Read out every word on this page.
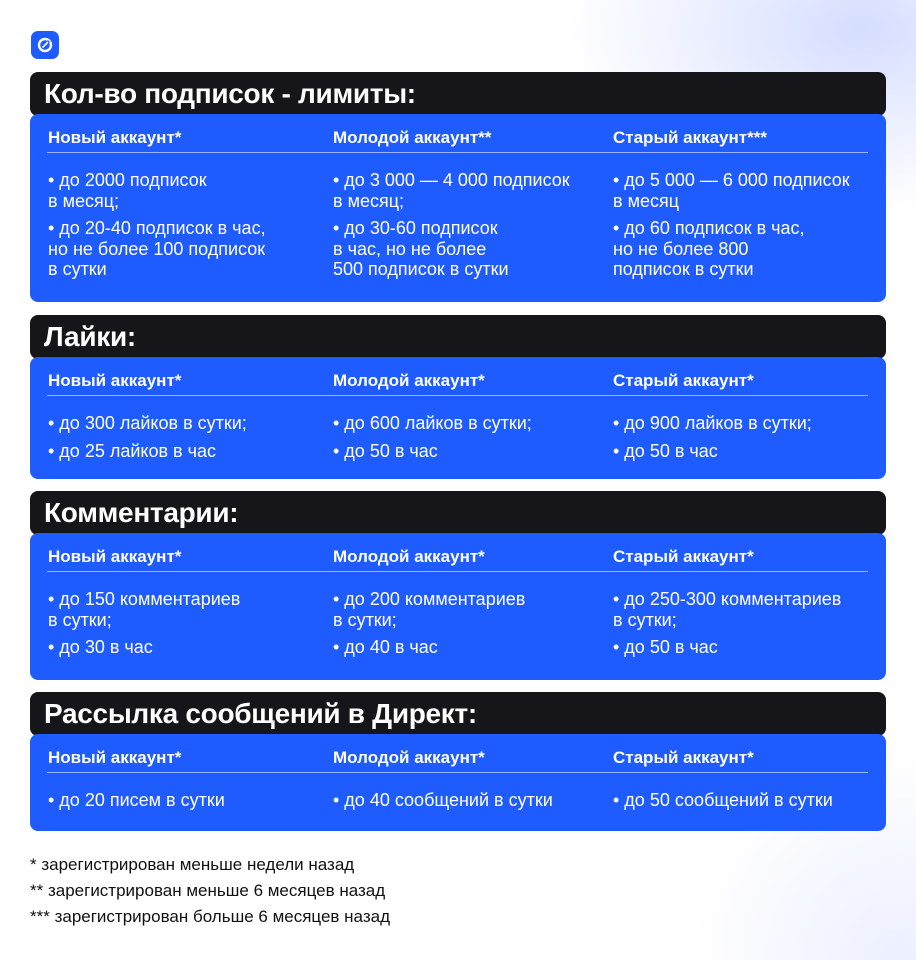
Кол-во подписок - лимиты:
Новый аккаунт*
• до 2000 подписок
в месяц;
• до 20-40 подписок в час,
но не более 100 подписок
в сутки
Молодой аккаунт**
• до 3 000 — 4 000 подписок
в месяц;
• до 30-60 подписок
в час, но не более
500 подписок в сутки
Старый аккаунт***
• до 5 000 — 6 000 подписок
в месяц
• до 60 подписок в час,
но не более 800
подписок в сутки
Лайки:
Новый аккаунт*
• до 300 лайков в сутки;
• до 25 лайков в час
Молодой аккаунт*
• до 600 лайков в сутки;
• до 50 в час
Старый аккаунт*
• до 900 лайков в сутки;
• до 50 в час
Комментарии:
Новый аккаунт*
• до 150 комментариев
в сутки;
• до 30 в час
Молодой аккаунт*
• до 200 комментариев
в сутки;
• до 40 в час
Старый аккаунт*
• до 250-300 комментариев
в сутки;
• до 50 в час
Рассылка сообщений в Директ:
Новый аккаунт*
• до 20 писем в сутки
Молодой аккаунт*
• до 40 сообщений в сутки
Старый аккаунт*
• до 50 сообщений в сутки
* зарегистрирован меньше недели назад
** зарегистрирован меньше 6 месяцев назад
*** зарегистрирован больше 6 месяцев назад
